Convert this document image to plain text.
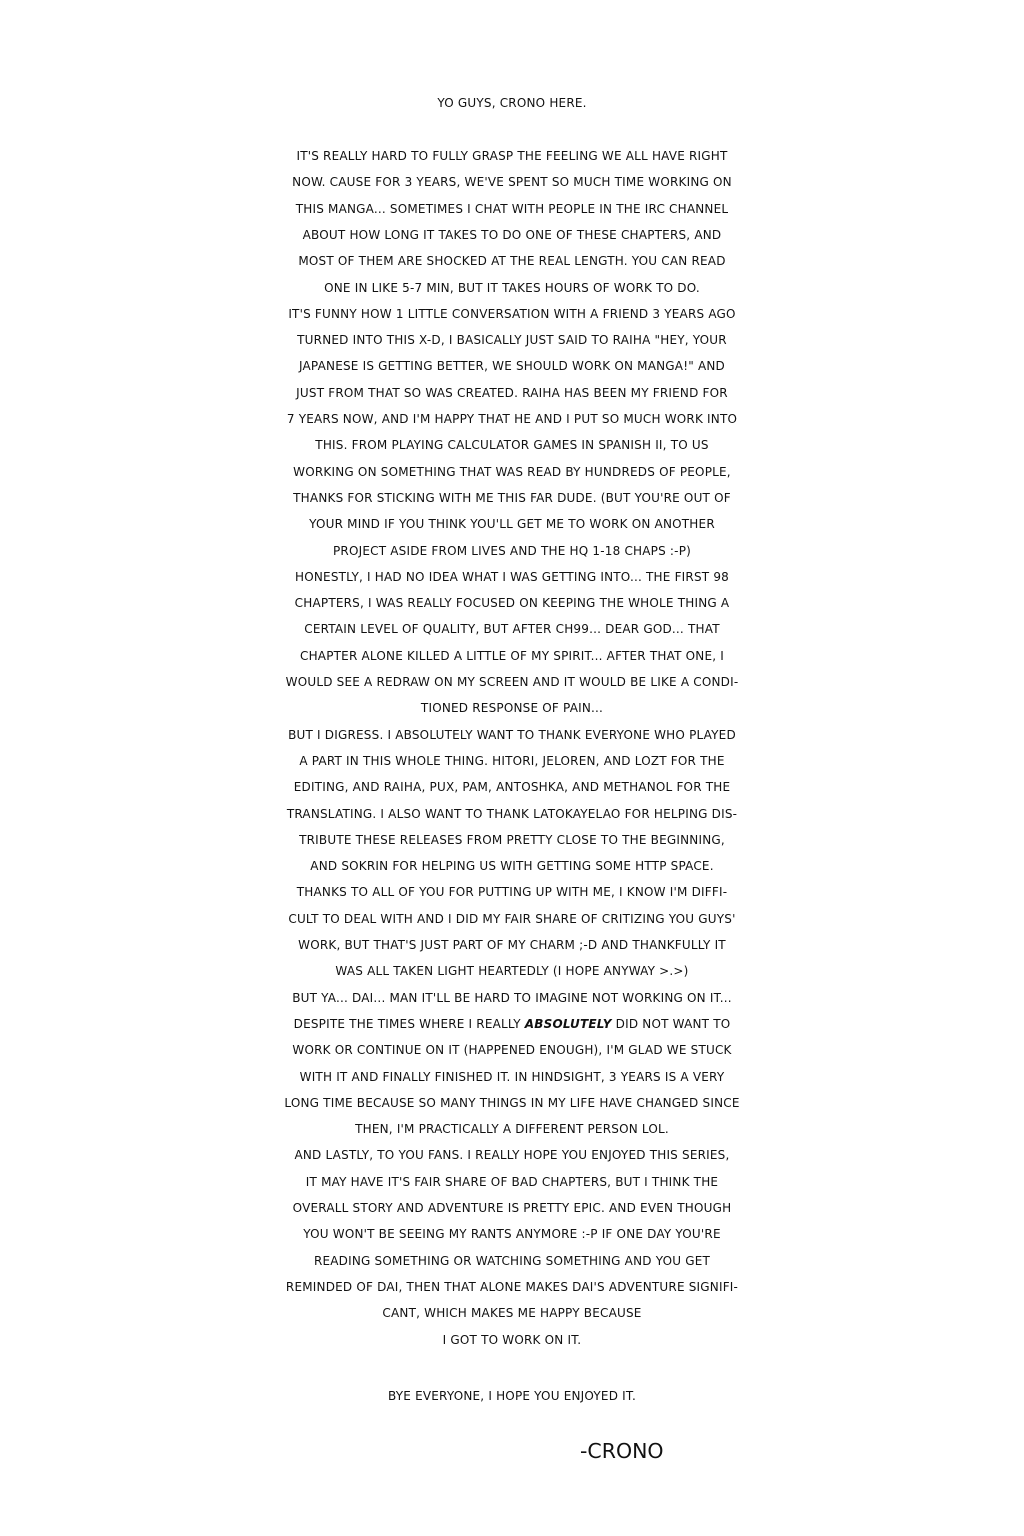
YO GUYS, CRONO HERE.
IT'S REALLY HARD TO FULLY GRASP THE FEELING WE ALL HAVE RIGHT
NOW. CAUSE FOR 3 YEARS, WE'VE SPENT SO MUCH TIME WORKING ON
THIS MANGA... SOMETIMES I CHAT WITH PEOPLE IN THE IRC CHANNEL
ABOUT HOW LONG IT TAKES TO DO ONE OF THESE CHAPTERS, AND
MOST OF THEM ARE SHOCKED AT THE REAL LENGTH. YOU CAN READ
ONE IN LIKE 5-7 MIN, BUT IT TAKES HOURS OF WORK TO DO.
IT'S FUNNY HOW 1 LITTLE CONVERSATION WITH A FRIEND 3 YEARS AGO
TURNED INTO THIS X-D, I BASICALLY JUST SAID TO RAIHA "HEY, YOUR
JAPANESE IS GETTING BETTER, WE SHOULD WORK ON MANGA!" AND
JUST FROM THAT SO WAS CREATED. RAIHA HAS BEEN MY FRIEND FOR
7 YEARS NOW, AND I'M HAPPY THAT HE AND I PUT SO MUCH WORK INTO
THIS. FROM PLAYING CALCULATOR GAMES IN SPANISH II, TO US
WORKING ON SOMETHING THAT WAS READ BY HUNDREDS OF PEOPLE,
THANKS FOR STICKING WITH ME THIS FAR DUDE. (BUT YOU'RE OUT OF
YOUR MIND IF YOU THINK YOU'LL GET ME TO WORK ON ANOTHER
PROJECT ASIDE FROM LIVES AND THE HQ 1-18 CHAPS :-P)
HONESTLY, I HAD NO IDEA WHAT I WAS GETTING INTO... THE FIRST 98
CHAPTERS, I WAS REALLY FOCUSED ON KEEPING THE WHOLE THING A
CERTAIN LEVEL OF QUALITY, BUT AFTER CH99... DEAR GOD... THAT
CHAPTER ALONE KILLED A LITTLE OF MY SPIRIT... AFTER THAT ONE, I
WOULD SEE A REDRAW ON MY SCREEN AND IT WOULD BE LIKE A CONDI-
TIONED RESPONSE OF PAIN...
BUT I DIGRESS. I ABSOLUTELY WANT TO THANK EVERYONE WHO PLAYED
A PART IN THIS WHOLE THING. HITORI, JELOREN, AND LOZT FOR THE
EDITING, AND RAIHA, PUX, PAM, ANTOSHKA, AND METHANOL FOR THE
TRANSLATING. I ALSO WANT TO THANK LATOKAYELAO FOR HELPING DIS-
TRIBUTE THESE RELEASES FROM PRETTY CLOSE TO THE BEGINNING,
AND SOKRIN FOR HELPING US WITH GETTING SOME HTTP SPACE.
THANKS TO ALL OF YOU FOR PUTTING UP WITH ME, I KNOW I'M DIFFI-
CULT TO DEAL WITH AND I DID MY FAIR SHARE OF CRITIZING YOU GUYS'
WORK, BUT THAT'S JUST PART OF MY CHARM ;-D AND THANKFULLY IT
WAS ALL TAKEN LIGHT HEARTEDLY (I HOPE ANYWAY >.>)
BUT YA... DAI... MAN IT'LL BE HARD TO IMAGINE NOT WORKING ON IT...
DESPITE THE TIMES WHERE I REALLY ABSOLUTELY DID NOT WANT TO
WORK OR CONTINUE ON IT (HAPPENED ENOUGH), I'M GLAD WE STUCK
WITH IT AND FINALLY FINISHED IT. IN HINDSIGHT, 3 YEARS IS A VERY
LONG TIME BECAUSE SO MANY THINGS IN MY LIFE HAVE CHANGED SINCE
THEN, I'M PRACTICALLY A DIFFERENT PERSON LOL.
AND LASTLY, TO YOU FANS. I REALLY HOPE YOU ENJOYED THIS SERIES,
IT MAY HAVE IT'S FAIR SHARE OF BAD CHAPTERS, BUT I THINK THE
OVERALL STORY AND ADVENTURE IS PRETTY EPIC. AND EVEN THOUGH
YOU WON'T BE SEEING MY RANTS ANYMORE :-P IF ONE DAY YOU'RE
READING SOMETHING OR WATCHING SOMETHING AND YOU GET
REMINDED OF DAI, THEN THAT ALONE MAKES DAI'S ADVENTURE SIGNIFI-
CANT, WHICH MAKES ME HAPPY BECAUSE
I GOT TO WORK ON IT.
BYE EVERYONE, I HOPE YOU ENJOYED IT.
-CRONO
